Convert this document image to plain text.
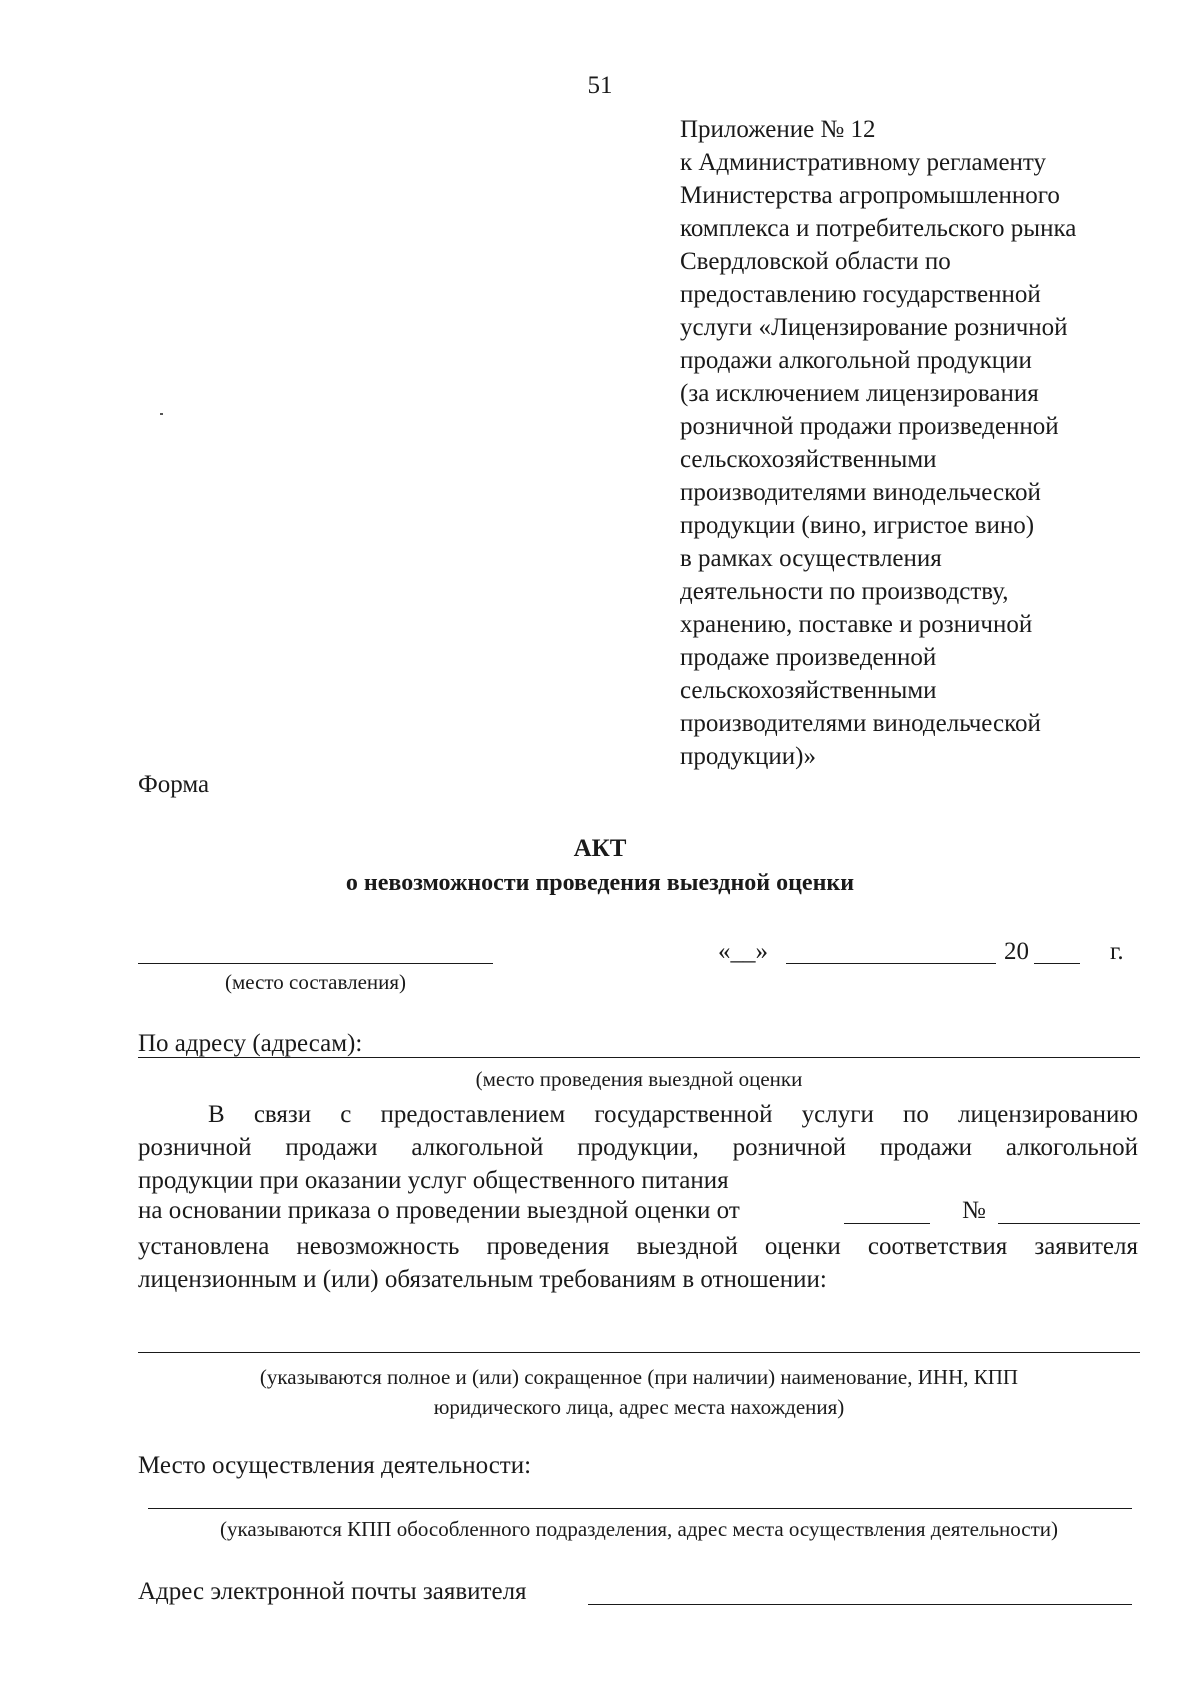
51
Приложение № 12
к Административному регламенту
Министерства агропромышленного
комплекса и потребительского рынка
Свердловской области по
предоставлению государственной
услуги «Лицензирование розничной
продажи алкогольной продукции
(за исключением лицензирования
розничной продажи произведенной
сельскохозяйственными
производителями винодельческой
продукции (вино, игристое вино)
в рамках осуществления
деятельности по производству,
хранению, поставке и розничной
продаже произведенной
сельскохозяйственными
производителями винодельческой
продукции)»
Форма
АКТ
о невозможности проведения выездной оценки
(место составления)
«__»	20	г.
По адресу (адресам):
(место проведения выездной оценки
В связи с предоставлением государственной услуги по лицензированию
розничной продажи алкогольной продукции, розничной продажи алкогольной
продукции при оказании услуг общественного питания
на основании приказа о проведении выездной оценки от	№
установлена невозможность проведения выездной оценки соответствия заявителя
лицензионным и (или) обязательным требованиям в отношении:
(указываются полное и (или) сокращенное (при наличии) наименование, ИНН, КПП
юридического лица, адрес места нахождения)
Место осуществления деятельности:
(указываются КПП обособленного подразделения, адрес места осуществления деятельности)
Адрес электронной почты заявителя
